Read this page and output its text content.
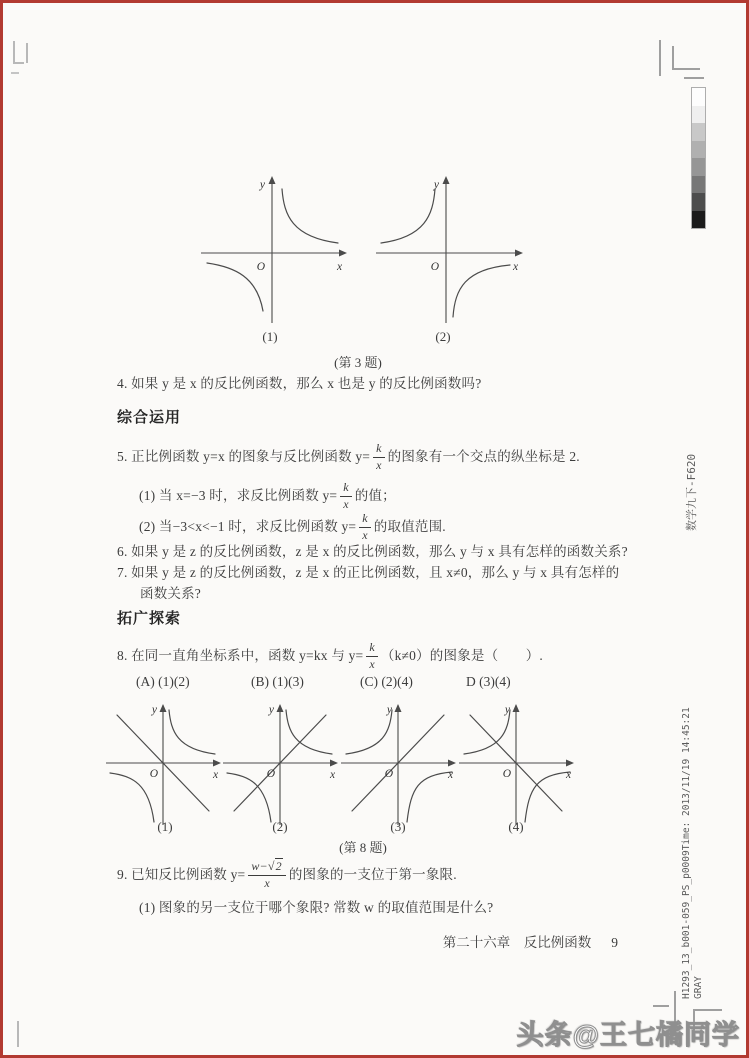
数学九下-F620
H1293_13_b001-059_PS_p0009Time: 2013/11/19 14:45:21 GRAY
y
x
O
y
x
O
(1)	(2)
(第 3 题)
4. 如果 y 是 x 的反比例函数，那么 x 也是 y 的反比例函数吗?
综合运用
5. 正比例函数 y=x 的图象与反比例函数 $y= \frac{k}{x}$ 的图象有一个交点的纵坐标是 2.
(1) 当 x=−3 时，求反比例函数 $y= \frac{k}{x}$ 的值；
(2) 当−3<x<−1 时，求反比例函数 $y= \frac{k}{x}$ 的取值范围.
6. 如果 y 是 z 的反比例函数，z 是 x 的反比例函数，那么 y 与 x 具有怎样的函数关系?
7. 如果 y 是 z 的反比例函数，z 是 x 的正比例函数，且 x≠0，那么 y 与 x 具有怎样的
函数关系?
拓广探索
8. 在同一直角坐标系中，函数 y=kx 与 $y= \frac{k}{x} (k\ne 0)$的图象是（　　）.
(A) (1)(2)	(B) (1)(3)	(C) (2)(4)	D (3)(4)
y
x
O
y
x
O
y
x
O
y
x
O
(1)	(2)	(3)	(4)
(第 8 题)
9. 已知反比例函数 $y= \frac{w-√2}{x}$ 的图象的一支位于第一象限.
(1) 图象的另一支位于哪个象限? 常数 w 的取值范围是什么?
第二十六章　反比例函数 9
头条@王七橘同学
